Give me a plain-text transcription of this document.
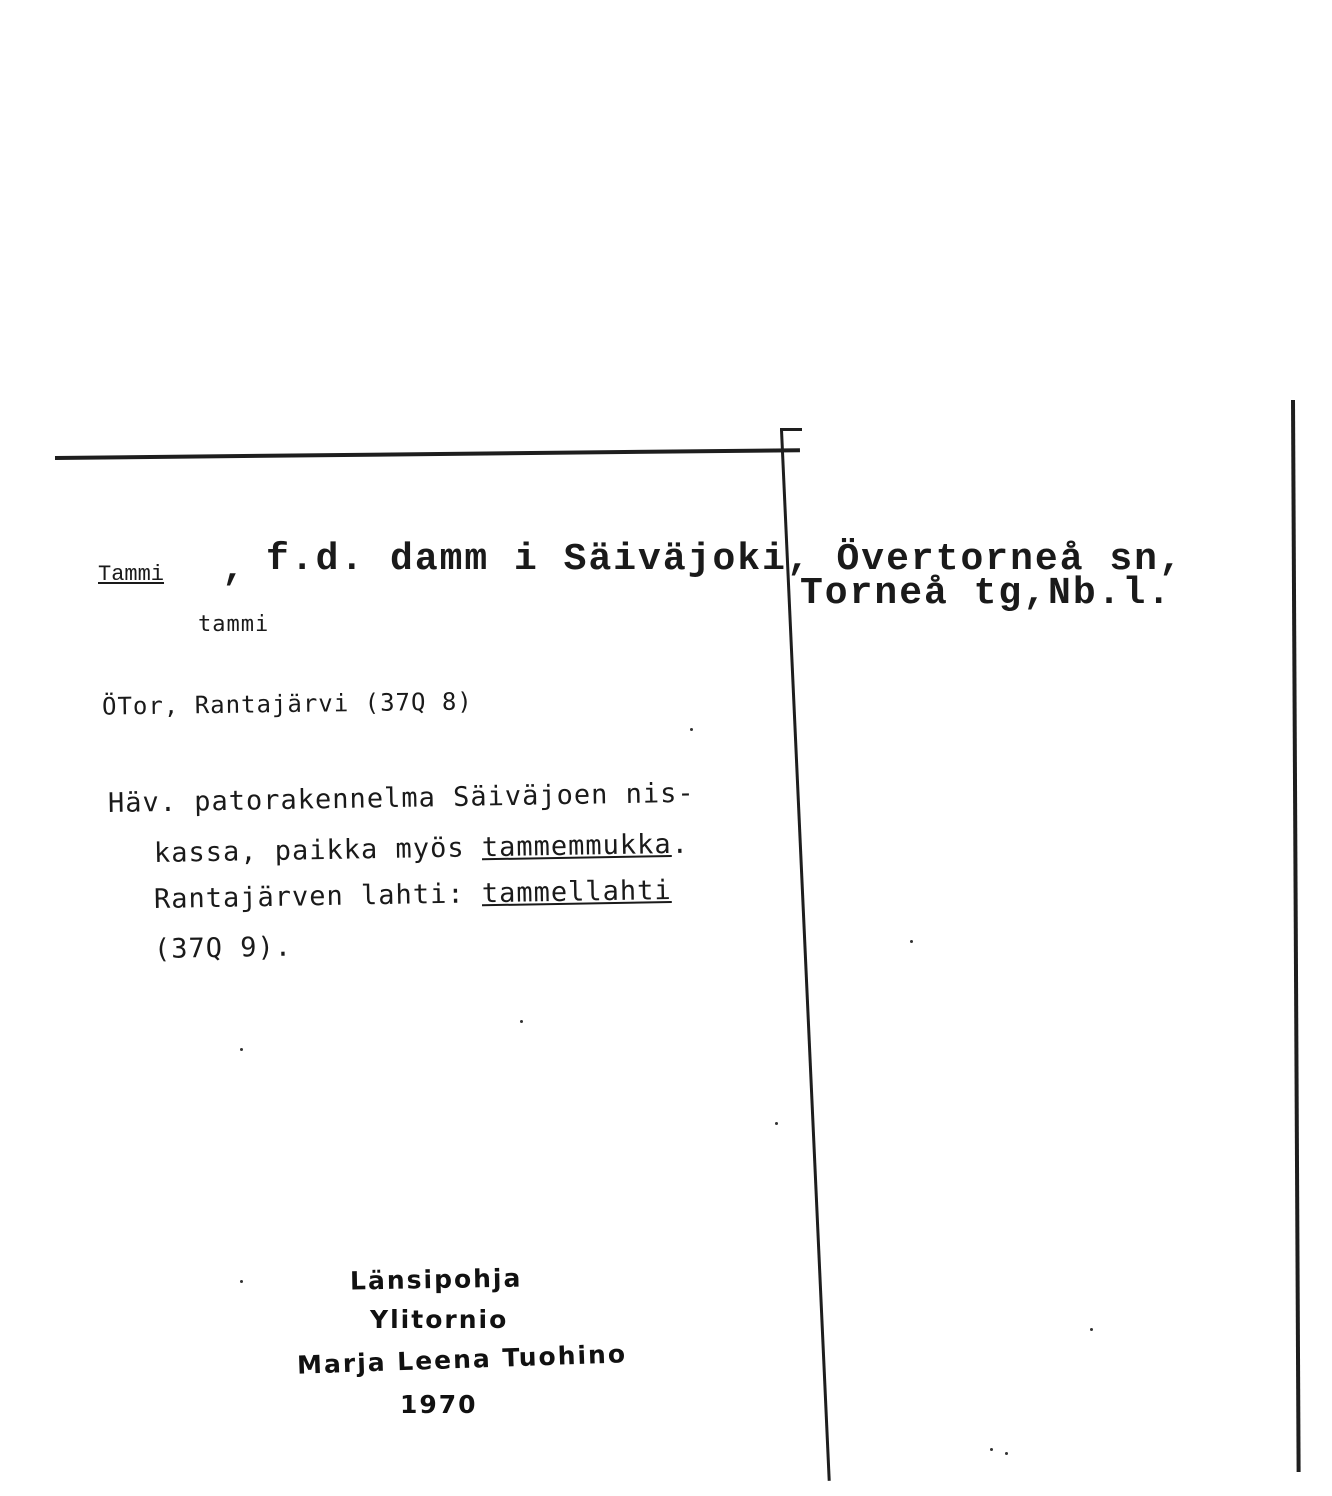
Tammi , f.d. damm i Säiväjoki, Övertorneå sn,
Torneå tg,Nb.l.
tammi
ÖTor, Rantajärvi (37Q 8)
Häv. patorakennelma Säiväjoen nis-
kassa, paikka myös tammemmukka.
Rantajärven lahti: tammellahti
(37Q 9).
Länsipohja
Ylitornio
Marja Leena Tuohino
1970
